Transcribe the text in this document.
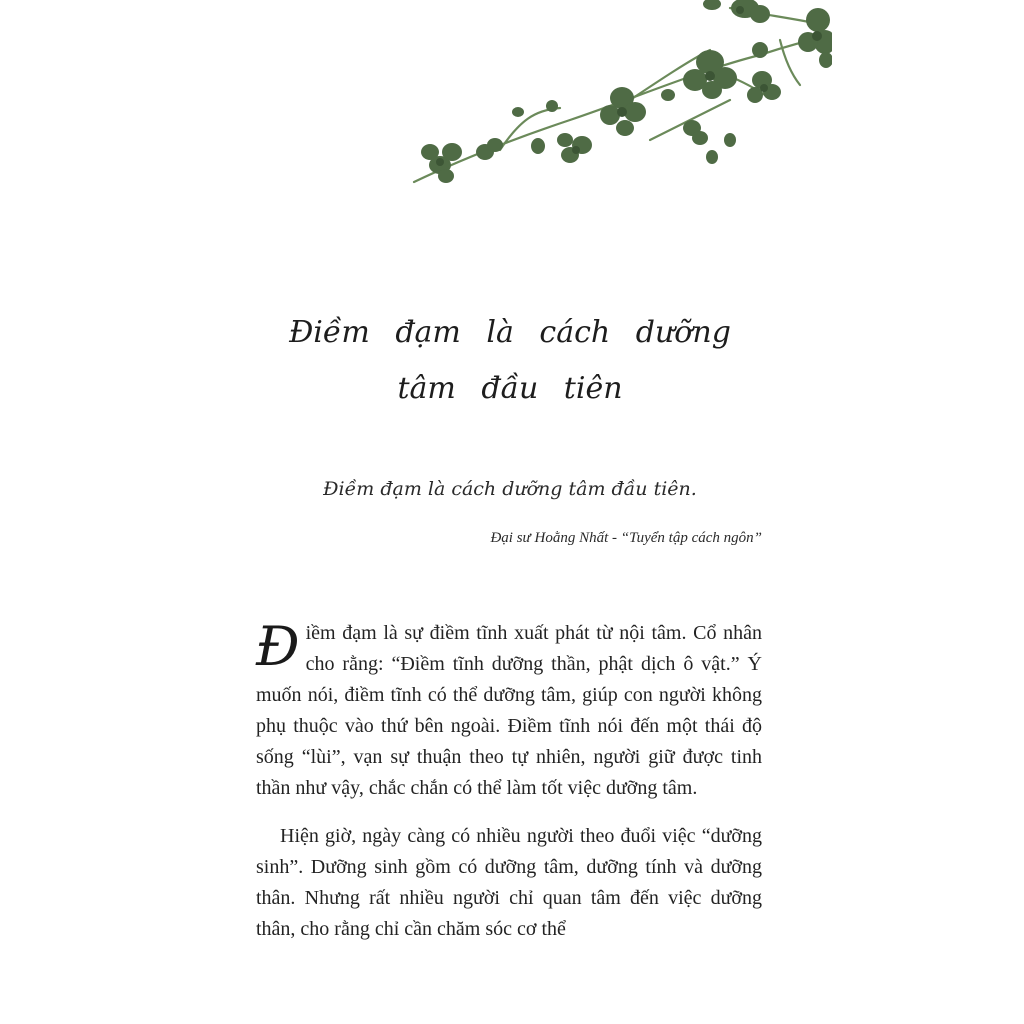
Điềm đạm là cách dưỡng tâm đầu tiên
Điềm đạm là cách dưỡng tâm đầu tiên.
Đại sư Hoằng Nhất - “Tuyển tập cách ngôn”

Điềm đạm là sự điềm tĩnh xuất phát từ nội tâm. Cổ nhân cho rằng: “Điềm tĩnh dưỡng thần, phật dịch ô vật.” Ý muốn nói, điềm tĩnh có thể dưỡng tâm, giúp con người không phụ thuộc vào thứ bên ngoài. Điềm tĩnh nói đến một thái độ sống “lùi”, vạn sự thuận theo tự nhiên, người giữ được tinh thần như vậy, chắc chắn có thể làm tốt việc dưỡng tâm.

Hiện giờ, ngày càng có nhiều người theo đuổi việc “dưỡng sinh”. Dưỡng sinh gồm có dưỡng tâm, dưỡng tính và dưỡng thân. Nhưng rất nhiều người chỉ quan tâm đến việc dưỡng thân, cho rằng chỉ cần chăm sóc cơ thể
